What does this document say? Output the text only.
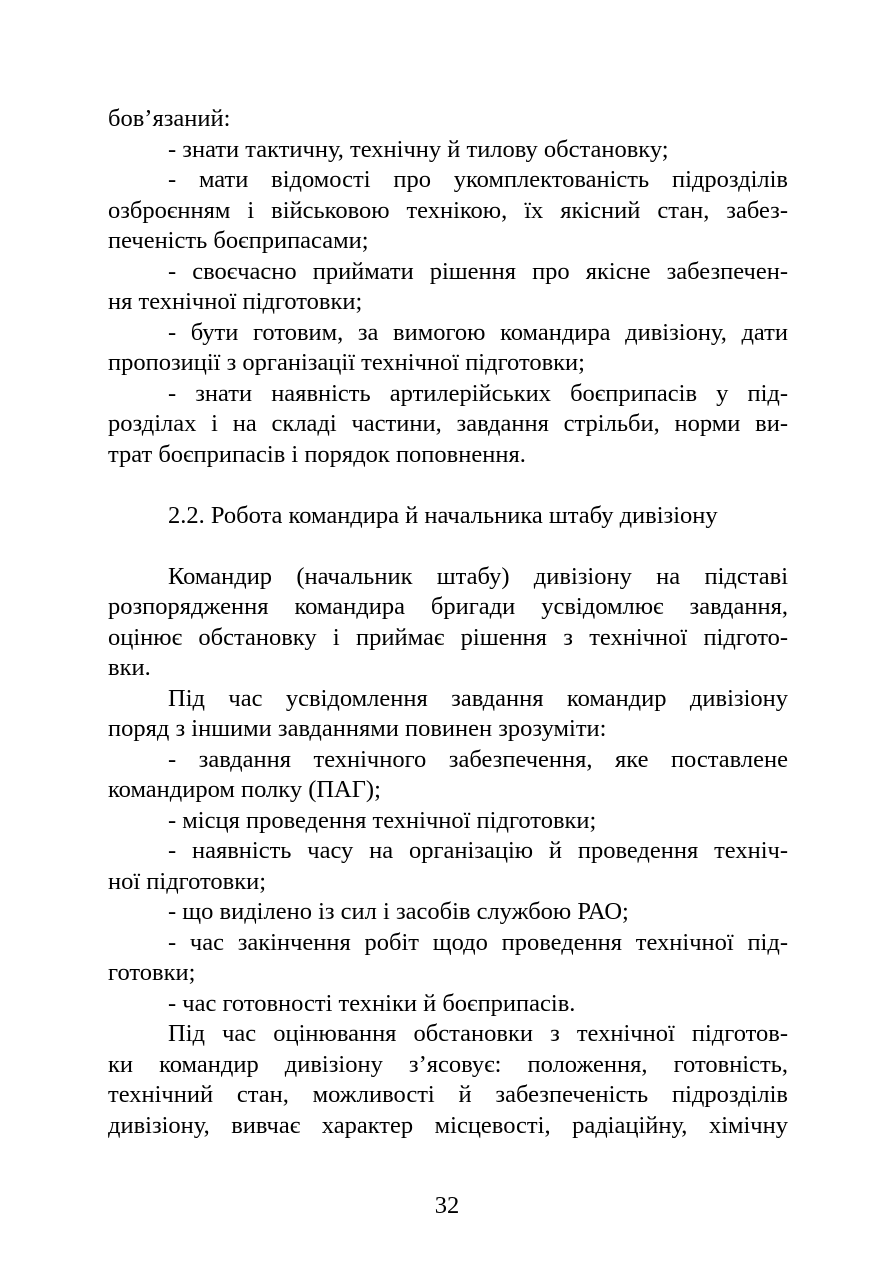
бов’язаний:
- знати тактичну, технічну й тилову обстановку;
- мати відомості про укомплектованість підрозділів
озброєнням і військовою технікою, їх якісний стан, забез-
печеність боєприпасами;
- своєчасно приймати рішення про якісне забезпечен-
ня технічної підготовки;
- бути готовим, за вимогою командира дивізіону, дати
пропозиції з організації технічної підготовки;
- знати наявність артилерійських боєприпасів у під-
розділах і на складі частини, завдання стрільби, норми ви-
трат боєприпасів і порядок поповнення.
2.2. Робота командира й начальника штабу дивізіону
Командир (начальник штабу) дивізіону на підставі
розпорядження командира бригади усвідомлює завдання,
оцінює обстановку і приймає рішення з технічної підгото-
вки.
Під час усвідомлення завдання командир дивізіону
поряд з іншими завданнями повинен зрозуміти:
- завдання технічного забезпечення, яке поставлене
командиром полку (ПАГ);
- місця проведення технічної підготовки;
- наявність часу на організацію й проведення техніч-
ної підготовки;
- що виділено із сил і засобів службою РАО;
- час закінчення робіт щодо проведення технічної під-
готовки;
- час готовності техніки й боєприпасів.
Під час оцінювання обстановки з технічної підготов-
ки командир дивізіону з’ясовує: положення, готовність,
технічний стан, можливості й забезпеченість підрозділів
дивізіону, вивчає характер місцевості, радіаційну, хімічну
32
